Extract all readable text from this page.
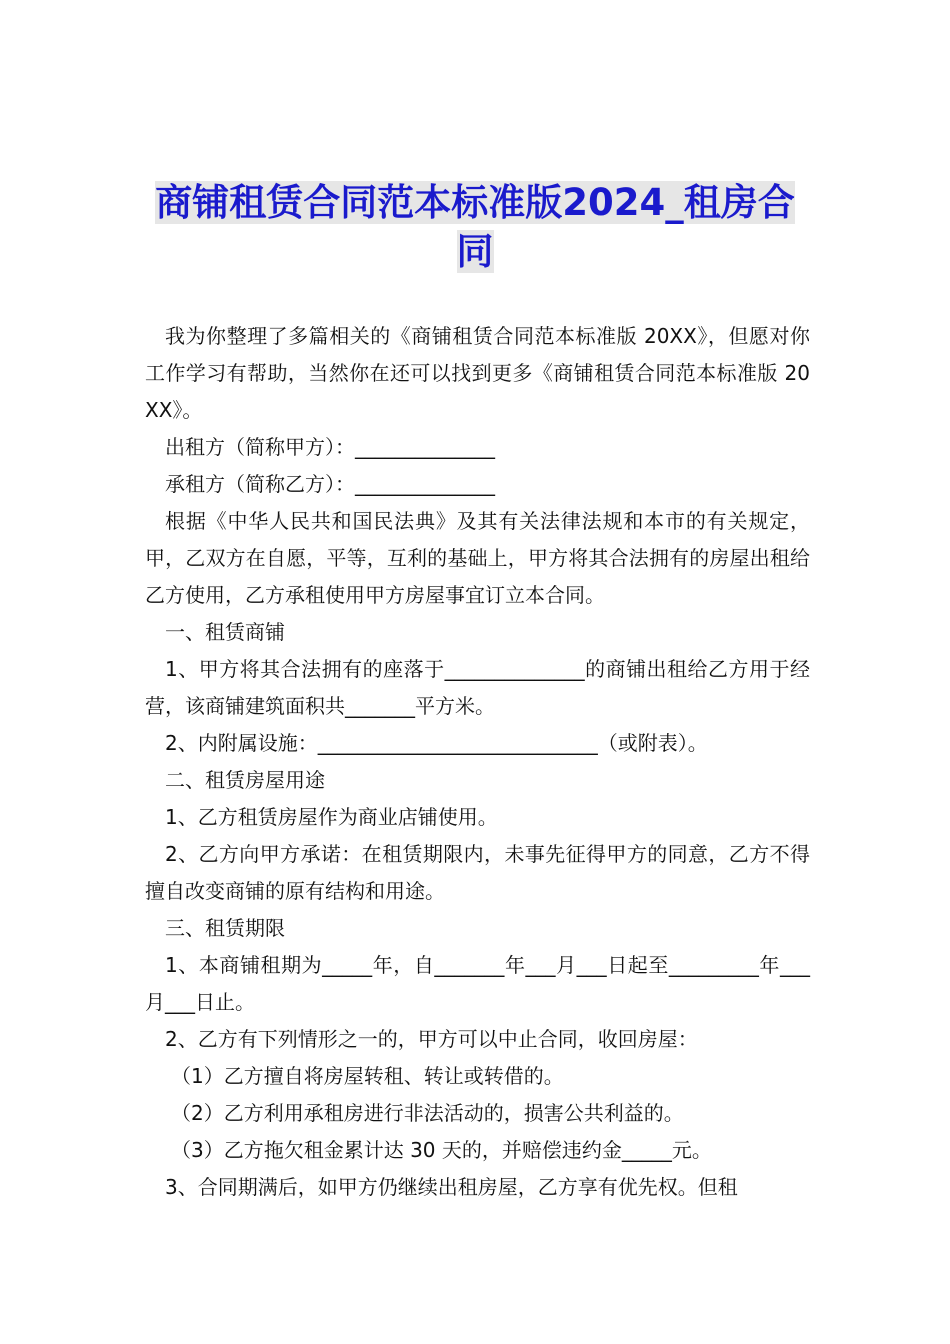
商铺租赁合同范本标准版2024_租房合同

我为你整理了多篇相关的《商铺租赁合同范本标准版 20XX》，但愿对你工作学习有帮助，当然你在还可以找到更多《商铺租赁合同范本标准版 20XX》。

出租方（简称甲方）：______________

承租方（简称乙方）：______________

根据《中华人民共和国民法典》及其有关法律法规和本市的有关规定，甲，乙双方在自愿，平等，互利的基础上，甲方将其合法拥有的房屋出租给乙方使用，乙方承租使用甲方房屋事宜订立本合同。

一、租赁商铺

1、甲方将其合法拥有的座落于______________的商铺出租给乙方用于经营，该商铺建筑面积共_______平方米。

2、内附属设施：____________________________（或附表）。

二、租赁房屋用途

1、乙方租赁房屋作为商业店铺使用。

2、乙方向甲方承诺：在租赁期限内，未事先征得甲方的同意，乙方不得擅自改变商铺的原有结构和用途。

三、租赁期限

1、本商铺租期为_____年，自_______年___月___日起至_________年___月___日止。

2、乙方有下列情形之一的，甲方可以中止合同，收回房屋：

（1）乙方擅自将房屋转租、转让或转借的。

（2）乙方利用承租房进行非法活动的，损害公共利益的。

（3）乙方拖欠租金累计达 30 天的，并赔偿违约金_____元。

3、合同期满后，如甲方仍继续出租房屋，乙方享有优先权。但租
